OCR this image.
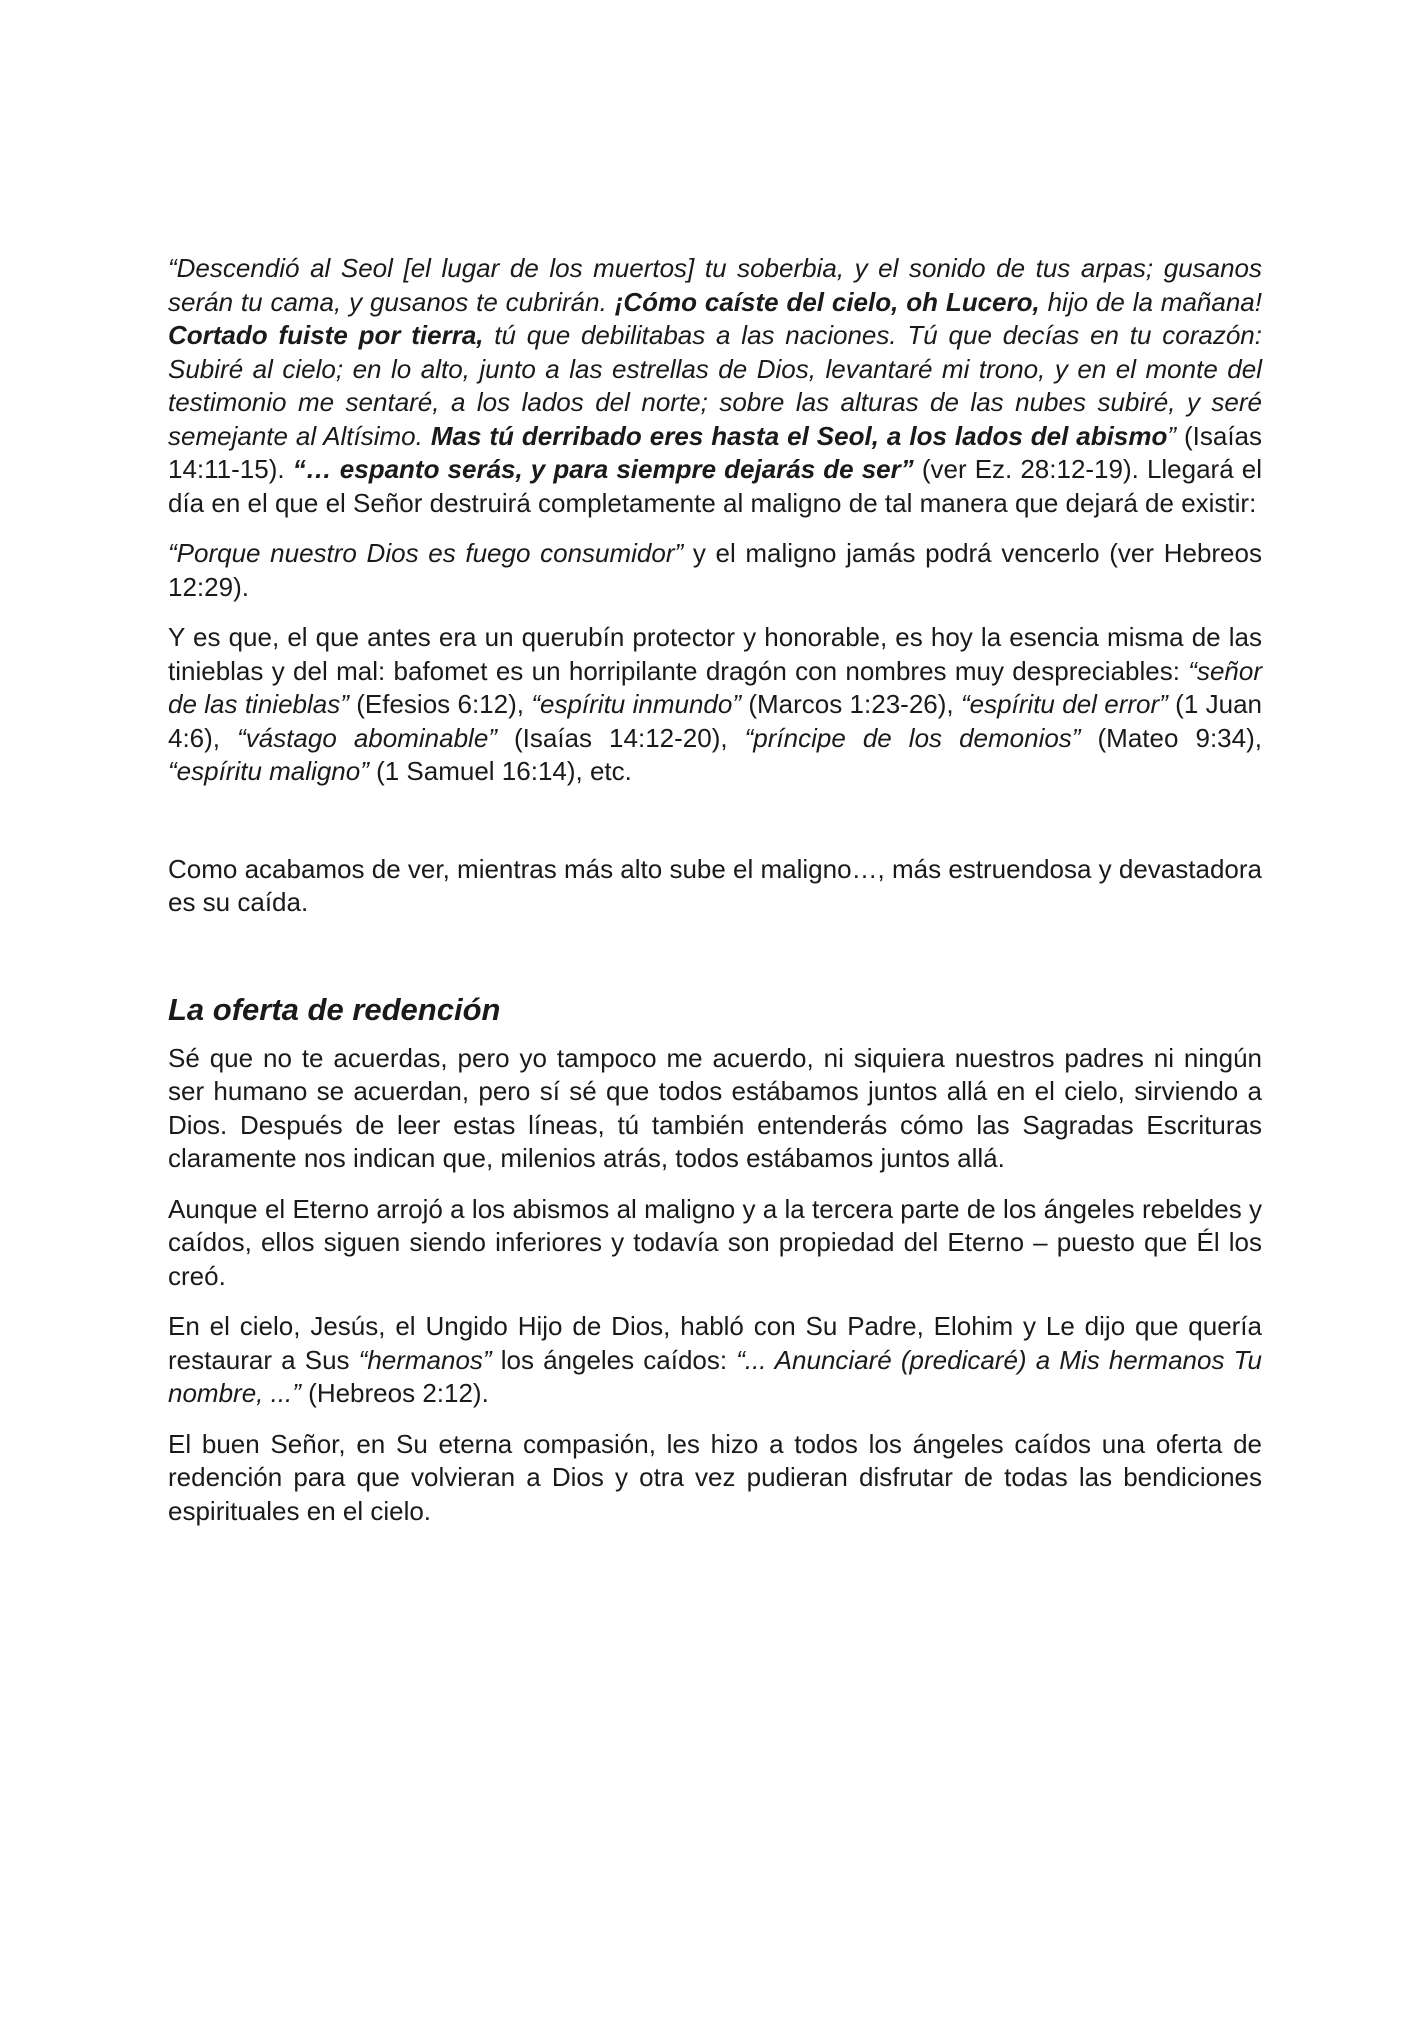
“Descendió al Seol [el lugar de los muertos] tu soberbia, y el sonido de tus arpas; gusanos serán tu cama, y gusanos te cubrirán. ¡Cómo caíste del cielo, oh Lucero, hijo de la mañana! Cortado fuiste por tierra, tú que debilitabas a las naciones. Tú que decías en tu corazón: Subiré al cielo; en lo alto, junto a las estrellas de Dios, levantaré mi trono, y en el monte del testimonio me sentaré, a los lados del norte; sobre las alturas de las nubes subiré, y seré semejante al Altísimo. Mas tú derribado eres hasta el Seol, a los lados del abismo” (Isaías 14:11-15). “… espanto serás, y para siempre dejarás de ser” (ver Ez. 28:12-19). Llegará el día en el que el Señor destruirá completamente al maligno de tal manera que dejará de existir:

“Porque nuestro Dios es fuego consumidor” y el maligno jamás podrá vencerlo (ver Hebreos 12:29).

Y es que, el que antes era un querubín protector y honorable, es hoy la esencia misma de las tinieblas y del mal: bafomet es un horripilante dragón con nombres muy despreciables: “señor de las tinieblas” (Efesios 6:12), “espíritu inmundo” (Marcos 1:23-26), “espíritu del error” (1 Juan 4:6), “vástago abominable” (Isaías 14:12-20), “príncipe de los demonios” (Mateo 9:34), “espíritu maligno” (1 Samuel 16:14), etc.

Como acabamos de ver, mientras más alto sube el maligno…, más estruendosa y devastadora es su caída.

La oferta de redención

Sé que no te acuerdas, pero yo tampoco me acuerdo, ni siquiera nuestros padres ni ningún ser humano se acuerdan, pero sí sé que todos estábamos juntos allá en el cielo, sirviendo a Dios. Después de leer estas líneas, tú también entenderás cómo las Sagradas Escrituras claramente nos indican que, milenios atrás, todos estábamos juntos allá.

Aunque el Eterno arrojó a los abismos al maligno y a la tercera parte de los ángeles rebeldes y caídos, ellos siguen siendo inferiores y todavía son propiedad del Eterno – puesto que Él los creó.

En el cielo, Jesús, el Ungido Hijo de Dios, habló con Su Padre, Elohim y Le dijo que quería restaurar a Sus “hermanos” los ángeles caídos: “... Anunciaré (predicaré) a Mis hermanos Tu nombre, ...” (Hebreos 2:12).

El buen Señor, en Su eterna compasión, les hizo a todos los ángeles caídos una oferta de redención para que volvieran a Dios y otra vez pudieran disfrutar de todas las bendiciones espirituales en el cielo.
